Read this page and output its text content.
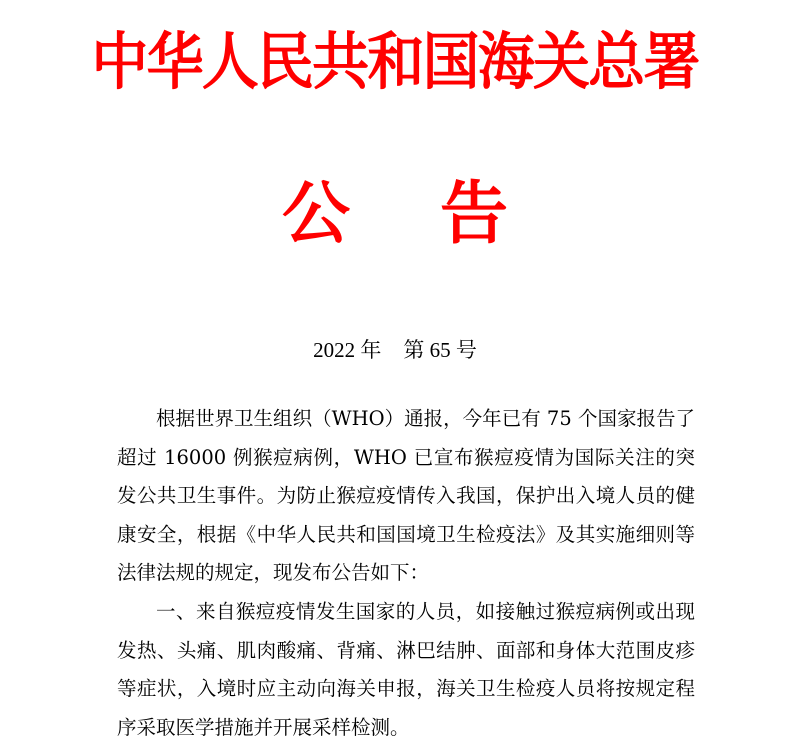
中华人民共和国海关总署
公 告
2022 年 第 65 号

根据世界卫生组织（WHO）通报，今年已有 75 个国家报告了超过 16000 例猴痘病例，WHO 已宣布猴痘疫情为国际关注的突发公共卫生事件。为防止猴痘疫情传入我国，保护出入境人员的健康安全，根据《中华人民共和国国境卫生检疫法》及其实施细则等法律法规的规定，现发布公告如下：

一、来自猴痘疫情发生国家的人员，如接触过猴痘病例或出现发热、头痛、肌肉酸痛、背痛、淋巴结肿、面部和身体大范围皮疹等症状，入境时应主动向海关申报，海关卫生检疫人员将按规定程序采取医学措施并开展采样检测。
